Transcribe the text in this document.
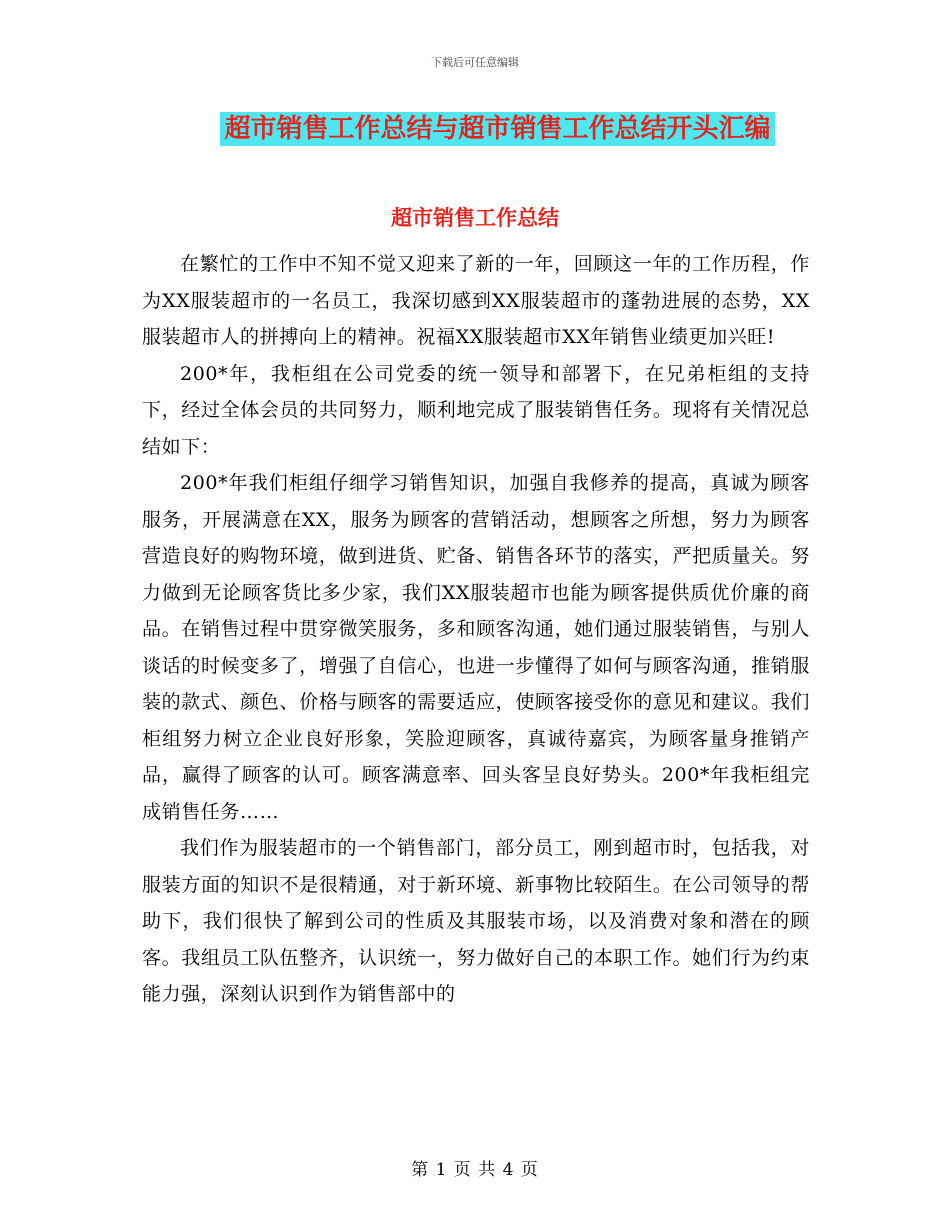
下载后可任意编辑
超市销售工作总结与超市销售工作总结开头汇编
超市销售工作总结

在繁忙的工作中不知不觉又迎来了新的一年，回顾这一年的工作历程，作为XX服装超市的一名员工，我深切感到XX服装超市的蓬勃进展的态势，XX服装超市人的拼搏向上的精神。祝福XX服装超市XX年销售业绩更加兴旺!

200*年，我柜组在公司党委的统一领导和部署下，在兄弟柜组的支持下，经过全体会员的共同努力，顺利地完成了服装销售任务。现将有关情况总结如下：

200*年我们柜组仔细学习销售知识，加强自我修养的提高，真诚为顾客服务，开展满意在XX，服务为顾客的营销活动，想顾客之所想，努力为顾客营造良好的购物环境，做到进货、贮备、销售各环节的落实，严把质量关。努力做到无论顾客货比多少家，我们XX服装超市也能为顾客提供质优价廉的商品。在销售过程中贯穿微笑服务，多和顾客沟通，她们通过服装销售，与别人谈话的时候变多了，增强了自信心，也进一步懂得了如何与顾客沟通，推销服装的款式、颜色、价格与顾客的需要适应，使顾客接受你的意见和建议。我们柜组努力树立企业良好形象，笑脸迎顾客，真诚待嘉宾，为顾客量身推销产品，赢得了顾客的认可。顾客满意率、回头客呈良好势头。200*年我柜组完成销售任务……

我们作为服装超市的一个销售部门，部分员工，刚到超市时，包括我，对服装方面的知识不是很精通，对于新环境、新事物比较陌生。在公司领导的帮助下，我们很快了解到公司的性质及其服装市场，以及消费对象和潜在的顾客。我组员工队伍整齐，认识统一，努力做好自己的本职工作。她们行为约束能力强，深刻认识到作为销售部中的

第 1 页 共 4 页
